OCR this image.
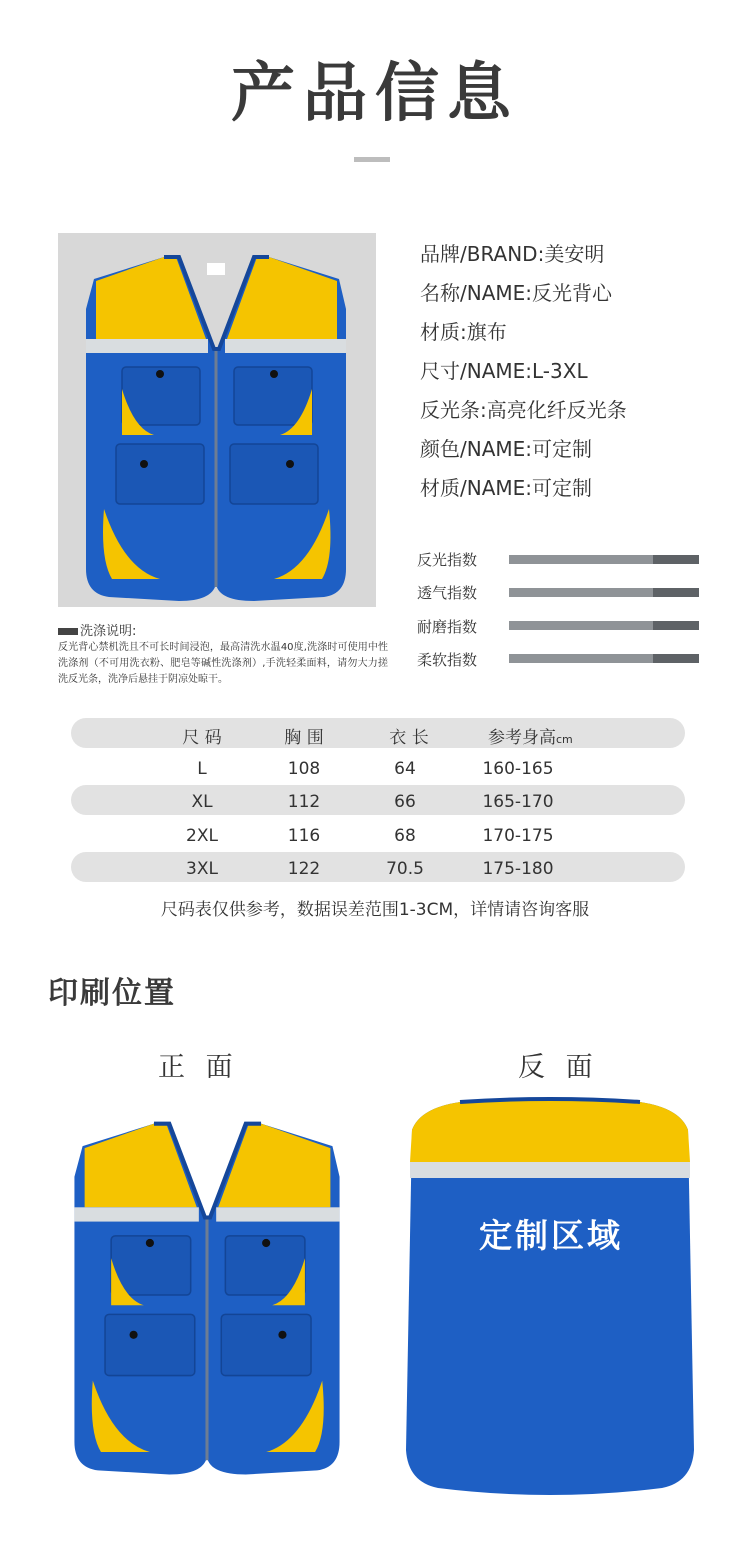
产品信息
品牌/BRAND:美安明
名称/NAME:反光背心
材质:旗布
尺寸/NAME:L-3XL
反光条:高亮化纤反光条
颜色/NAME:可定制
材质/NAME:可定制
反光指数
透气指数
耐磨指数
柔软指数
洗涤说明:
反光背心禁机洗且不可长时间浸泡，最高清洗水温40度,洗涤时可使用中性洗涤剂（不可用洗衣粉、肥皂等碱性洗涤剂）,手洗轻柔面料，请勿大力搓洗反光条，洗净后悬挂于阴凉处晾干。
尺 码	胸 围	衣 长	参考身高cm
L	108	64	160-165
XL	112	66	165-170
2XL	116	68	170-175
3XL	122	70.5	175-180
尺码表仅供参考，数据误差范围1-3CM，详情请咨询客服
印刷位置
正 面	反 面
定制区域
